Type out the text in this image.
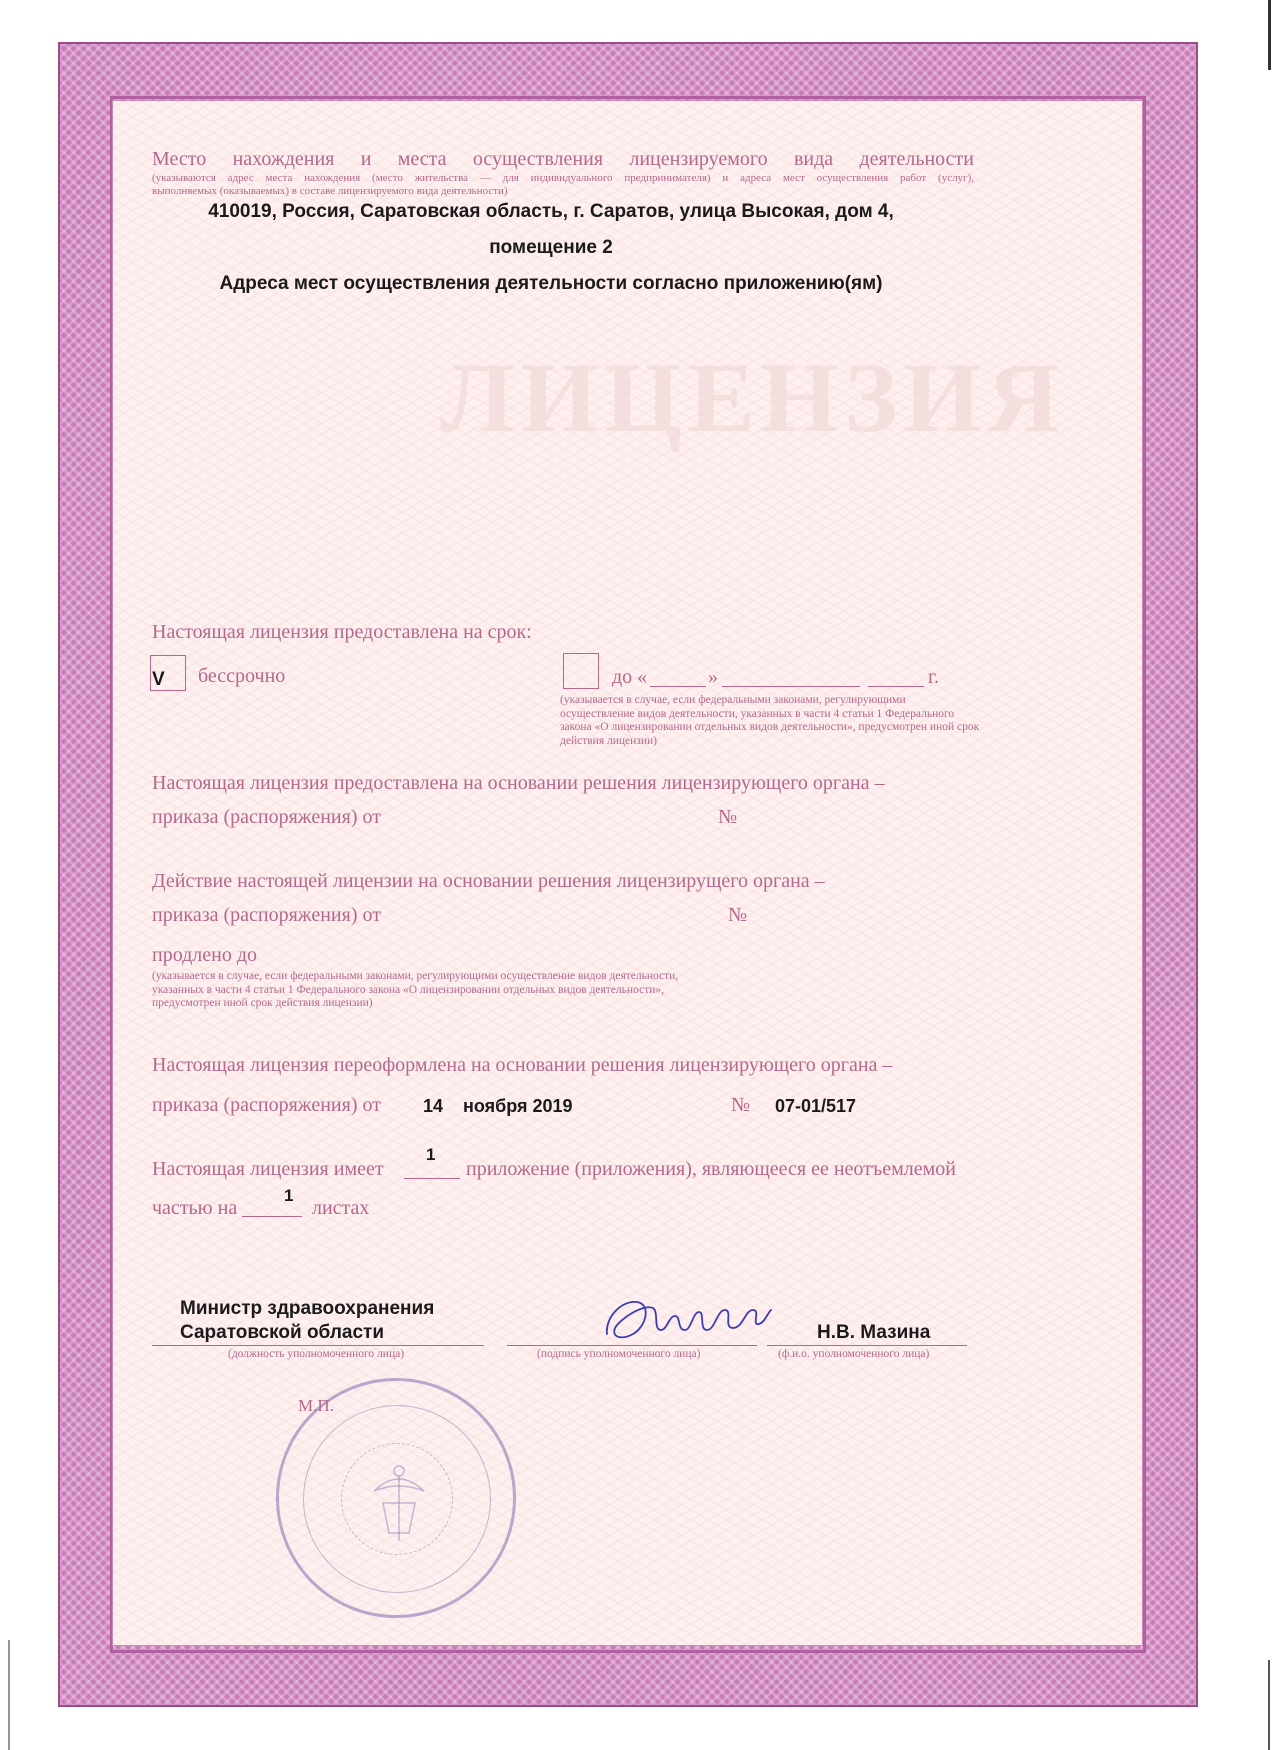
ЛИЦЕНЗИЯ
Место нахождения и места осуществления лицензируемого вида деятельности
(указываются адрес места нахождения (место жительства — для индивидуального предпринимателя) и адреса мест осуществления работ (услуг),
выполняемых (оказываемых) в составе лицензируемого вида деятельности)
410019, Россия, Саратовская область, г. Саратов, улица Высокая, дом 4,
помещение 2
Адреса мест осуществления деятельности согласно приложению(ям)
Настоящая лицензия предоставлена на срок:
V бессрочно	до «	»	г.
(указывается в случае, если федеральными законами, регулирующими осуществление видов деятельности, указанных в части 4 статьи 1 Федерального закона «О лицензировании отдельных видов деятельности», предусмотрен иной срок действия лицензии)
Настоящая лицензия предоставлена на основании решения лицензирующего органа –
приказа (распоряжения) от	№
Действие настоящей лицензии на основании решения лицензирущего органа –
приказа (распоряжения) от	№
продлено до
(указывается в случае, если федеральными законами, регулирующими осуществление видов деятельности, указанных в части 4 статьи 1 Федерального закона «О лицензировании отдельных видов деятельности», предусмотрен иной срок действия лицензии)
Настоящая лицензия переоформлена на основании решения лицензирующего органа –
приказа (распоряжения) от 14 ноября 2019	№ 07-01/517
Настоящая лицензия имеет
1
приложение (приложения), являющееся ее неотъемлемой
частью на
1
листах
Министр здравоохранения
Саратовской области
(должность уполномоченного лица)	(подпись уполномоченного лица)
Н.В. Мазина
(ф.и.о. уполномоченного лица)
М.П.
